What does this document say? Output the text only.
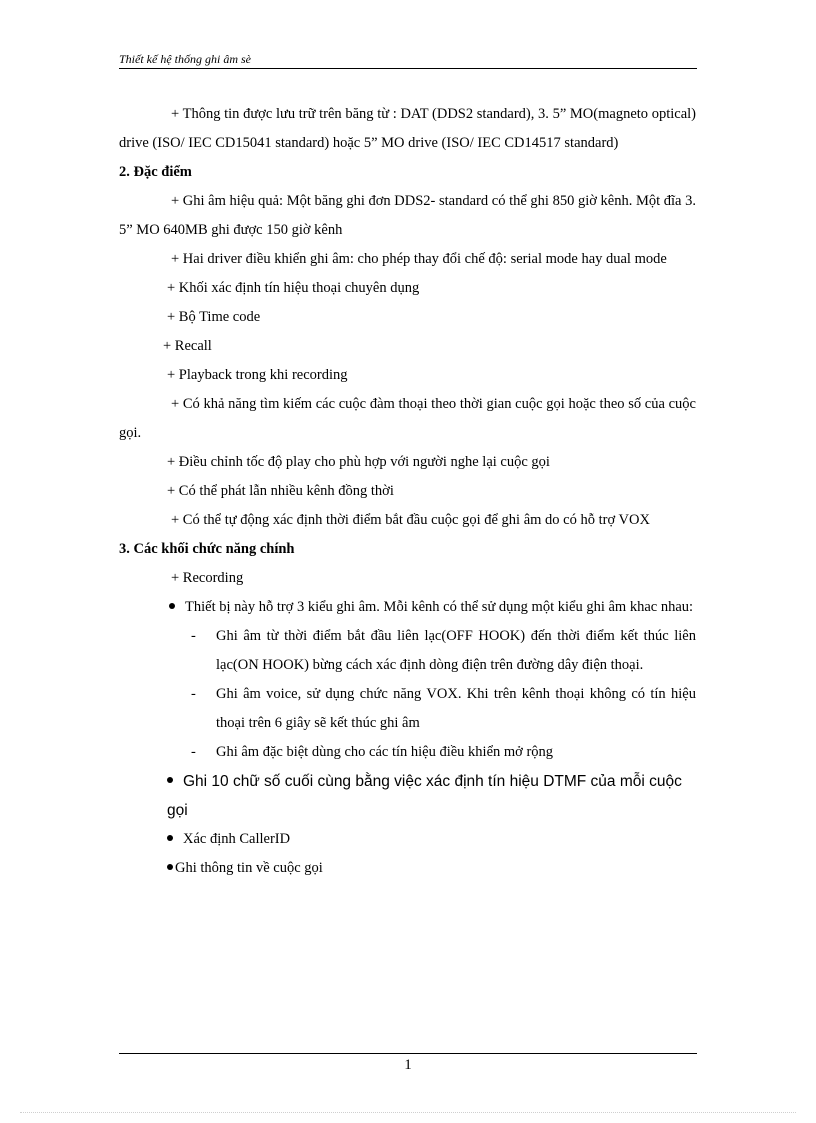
Thiết kế hệ thống ghi âm sè

+ Thông tin được lưu trữ trên băng từ : DAT (DDS2 standard), 3. 5” MO(magneto optical) drive (ISO/ IEC CD15041 standard) hoặc 5” MO drive (ISO/ IEC CD14517 standard)

2. Đặc điểm

+ Ghi âm hiệu quả: Một băng ghi đơn DDS2- standard có thể ghi 850 giờ kênh. Một đĩa 3. 5” MO 640MB ghi được 150 giờ kênh

+ Hai driver điều khiển ghi âm: cho phép thay đổi chế độ: serial mode hay dual mode

+ Khối xác định tín hiệu thoại chuyên dụng

+ Bộ Time code

+ Recall

+ Playback trong khi recording

+ Có khả năng tìm kiếm các cuộc đàm thoại theo thời gian cuộc gọi hoặc theo số của cuộc gọi.

+ Điều chỉnh tốc độ play cho phù hợp với người nghe lại cuộc gọi

+ Có thể phát lẫn nhiều kênh đồng thời

+ Có thể tự động xác định thời điểm bắt đầu cuộc gọi để ghi âm do có hỗ trợ VOX

3. Các khối chức năng chính

+ Recording

Thiết bị này hỗ trợ 3 kiểu ghi âm. Mỗi kênh có thể sử dụng một kiểu ghi âm khac nhau:

- Ghi âm từ thời điểm bắt đầu liên lạc(OFF HOOK) đến thời điểm kết thúc liên lạc(ON HOOK) bừng cách xác định dòng điện trên đường dây điện thoại.

- Ghi âm voice, sử dụng chức năng VOX. Khi trên kênh thoại không có tín hiệu thoại trên 6 giây sẽ kết thúc ghi âm

- Ghi âm đặc biệt dùng cho các tín hiệu điều khiển mở rộng

Ghi 10 chữ số cuối cùng bằng việc xác định tín hiệu DTMF của mỗi cuộc gọi

Xác định CallerID

Ghi thông tin về cuộc gọi

1
